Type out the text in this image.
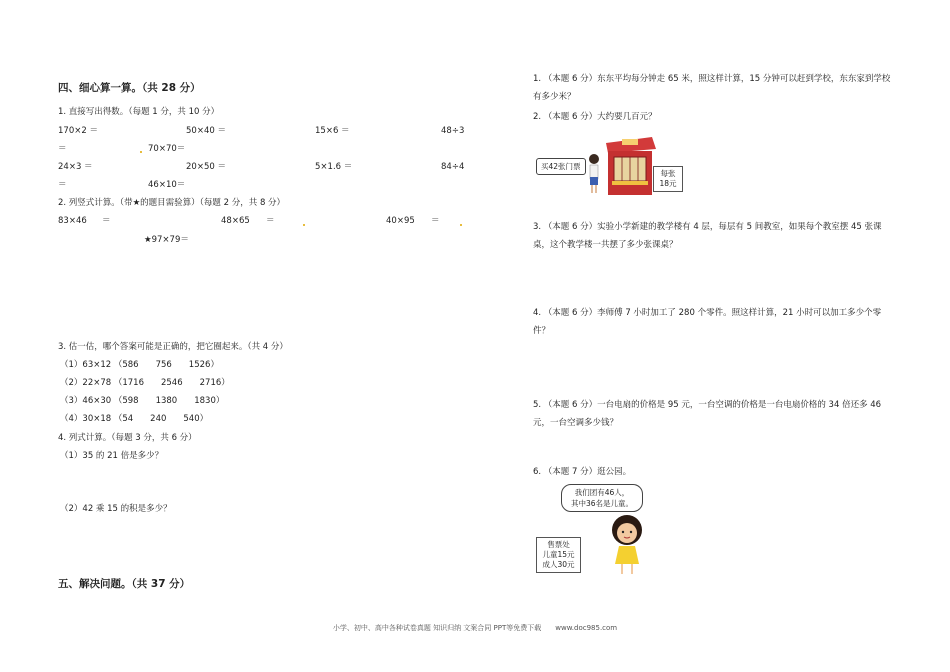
四、细心算一算。（共 28 分）
1. 直接写出得数。（每题 1 分，共 10 分）
170×2 ＝	50×40 ＝	15×6 ＝	48÷3
＝	70×70＝
24×3 ＝	20×50 ＝	5×1.6 ＝	84÷4
＝	46×10＝
2. 列竖式计算。（带★的题目需验算）（每题 2 分，共 8 分）
83×46 ＝	48×65 ＝	40×95 ＝
★97×79＝
3. 估一估，哪个答案可能是正确的，把它圈起来。（共 4 分）
（1）63×12 （586　　756　　1526）
（2）22×78 （1716　　2546　　2716）
（3）46×30 （598　　1380　　1830）
（4）30×18 （54　　240　　540）
4. 列式计算。（每题 3 分，共 6 分）
（1）35 的 21 倍是多少？
（2）42 乘 15 的积是多少？
五、解决问题。（共 37 分）
1. （本题 6 分）东东平均每分钟走 65 米，照这样计算，15 分钟可以赶到学校，东东家到学校有多少米？
2. （本题 6 分）大约要几百元？
买42张门票
每张
18元
3. （本题 6 分）实验小学新建的教学楼有 4 层，每层有 5 间教室，如果每个教室摆 45 张课桌，这个教学楼一共摆了多少张课桌？
4. （本题 6 分）李师傅 7 小时加工了 280 个零件。照这样计算，21 小时可以加工多少个零件？
5. （本题 6 分）一台电扇的价格是 95 元，一台空调的价格是一台电扇价格的 34 倍还多 46 元，一台空调多少钱？
6. （本题 7 分）逛公园。
我们团有46人，
其中36名是儿童。
售票处
儿童15元
成人30元
小学、初中、高中各种试卷真题 知识归纳 文案合同 PPT等免费下载　　www.doc985.com
